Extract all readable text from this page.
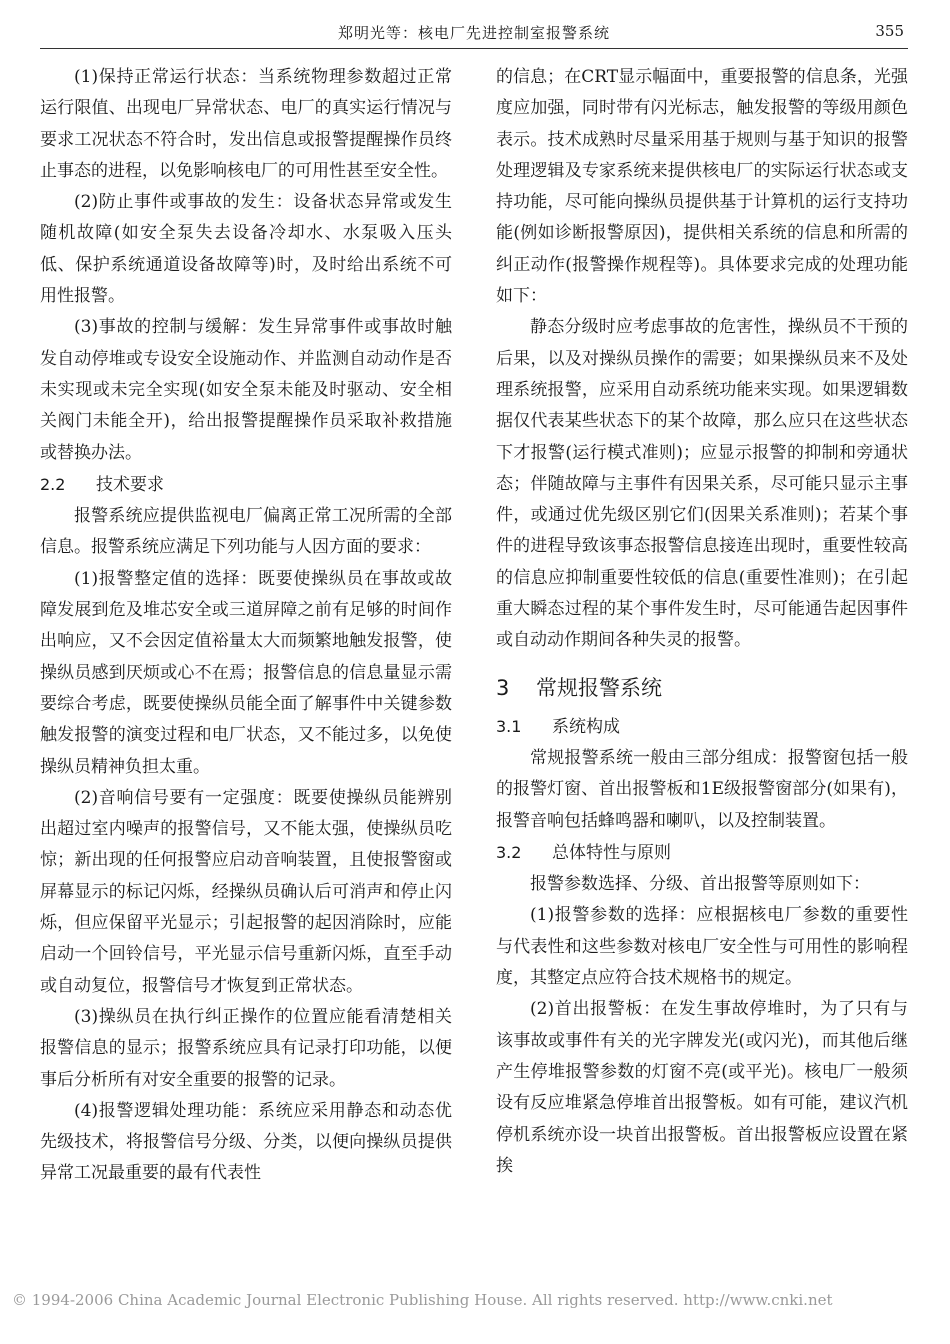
郑明光等：核电厂先进控制室报警系统	355

(1)保持正常运行状态：当系统物理参数超过正常运行限值、出现电厂异常状态、电厂的真实运行情况与要求工况状态不符合时，发出信息或报警提醒操作员终止事态的进程，以免影响核电厂的可用性甚至安全性。

(2)防止事件或事故的发生：设备状态异常或发生随机故障(如安全泵失去设备冷却水、水泵吸入压头低、保护系统通道设备故障等)时，及时给出系统不可用性报警。

(3)事故的控制与缓解：发生异常事件或事故时触发自动停堆或专设安全设施动作、并监测自动动作是否未实现或未完全实现(如安全泵未能及时驱动、安全相关阀门未能全开)，给出报警提醒操作员采取补救措施或替换办法。

2.2 技术要求

报警系统应提供监视电厂偏离正常工况所需的全部信息。报警系统应满足下列功能与人因方面的要求：

(1)报警整定值的选择：既要使操纵员在事故或故障发展到危及堆芯安全或三道屏障之前有足够的时间作出响应，又不会因定值裕量太大而频繁地触发报警，使操纵员感到厌烦或心不在焉；报警信息的信息量显示需要综合考虑，既要使操纵员能全面了解事件中关键参数触发报警的演变过程和电厂状态，又不能过多，以免使操纵员精神负担太重。

(2)音响信号要有一定强度：既要使操纵员能辨别出超过室内噪声的报警信号，又不能太强，使操纵员吃惊；新出现的任何报警应启动音响装置，且使报警窗或屏幕显示的标记闪烁，经操纵员确认后可消声和停止闪烁，但应保留平光显示；引起报警的起因消除时，应能启动一个回铃信号，平光显示信号重新闪烁，直至手动或自动复位，报警信号才恢复到正常状态。

(3)操纵员在执行纠正操作的位置应能看清楚相关报警信息的显示；报警系统应具有记录打印功能，以便事后分析所有对安全重要的报警的记录。

(4)报警逻辑处理功能：系统应采用静态和动态优先级技术，将报警信号分级、分类，以便向操纵员提供异常工况最重要的最有代表性

的信息；在CRT显示幅面中，重要报警的信息条，光强度应加强，同时带有闪光标志，触发报警的等级用颜色表示。技术成熟时尽量采用基于规则与基于知识的报警处理逻辑及专家系统来提供核电厂的实际运行状态或支持功能，尽可能向操纵员提供基于计算机的运行支持功能(例如诊断报警原因)，提供相关系统的信息和所需的纠正动作(报警操作规程等)。具体要求完成的处理功能如下：

静态分级时应考虑事故的危害性，操纵员不干预的后果，以及对操纵员操作的需要；如果操纵员来不及处理系统报警，应采用自动系统功能来实现。如果逻辑数据仅代表某些状态下的某个故障，那么应只在这些状态下才报警(运行模式准则)；应显示报警的抑制和旁通状态；伴随故障与主事件有因果关系，尽可能只显示主事件，或通过优先级区别它们(因果关系准则)；若某个事件的进程导致该事态报警信息接连出现时，重要性较高的信息应抑制重要性较低的信息(重要性准则)；在引起重大瞬态过程的某个事件发生时，尽可能通告起因事件或自动动作期间各种失灵的报警。

3 常规报警系统
3.1 系统构成

常规报警系统一般由三部分组成：报警窗包括一般的报警灯窗、首出报警板和1E级报警窗部分(如果有)，报警音响包括蜂鸣器和喇叭，以及控制装置。

3.2 总体特性与原则

报警参数选择、分级、首出报警等原则如下：

(1)报警参数的选择：应根据核电厂参数的重要性与代表性和这些参数对核电厂安全性与可用性的影响程度，其整定点应符合技术规格书的规定。

(2)首出报警板：在发生事故停堆时，为了只有与该事故或事件有关的光字牌发光(或闪光)，而其他后继产生停堆报警参数的灯窗不亮(或平光)。核电厂一般须设有反应堆紧急停堆首出报警板。如有可能，建议汽机停机系统亦设一块首出报警板。首出报警板应设置在紧挨

© 1994-2006 China Academic Journal Electronic Publishing House. All rights reserved. http://www.cnki.net
